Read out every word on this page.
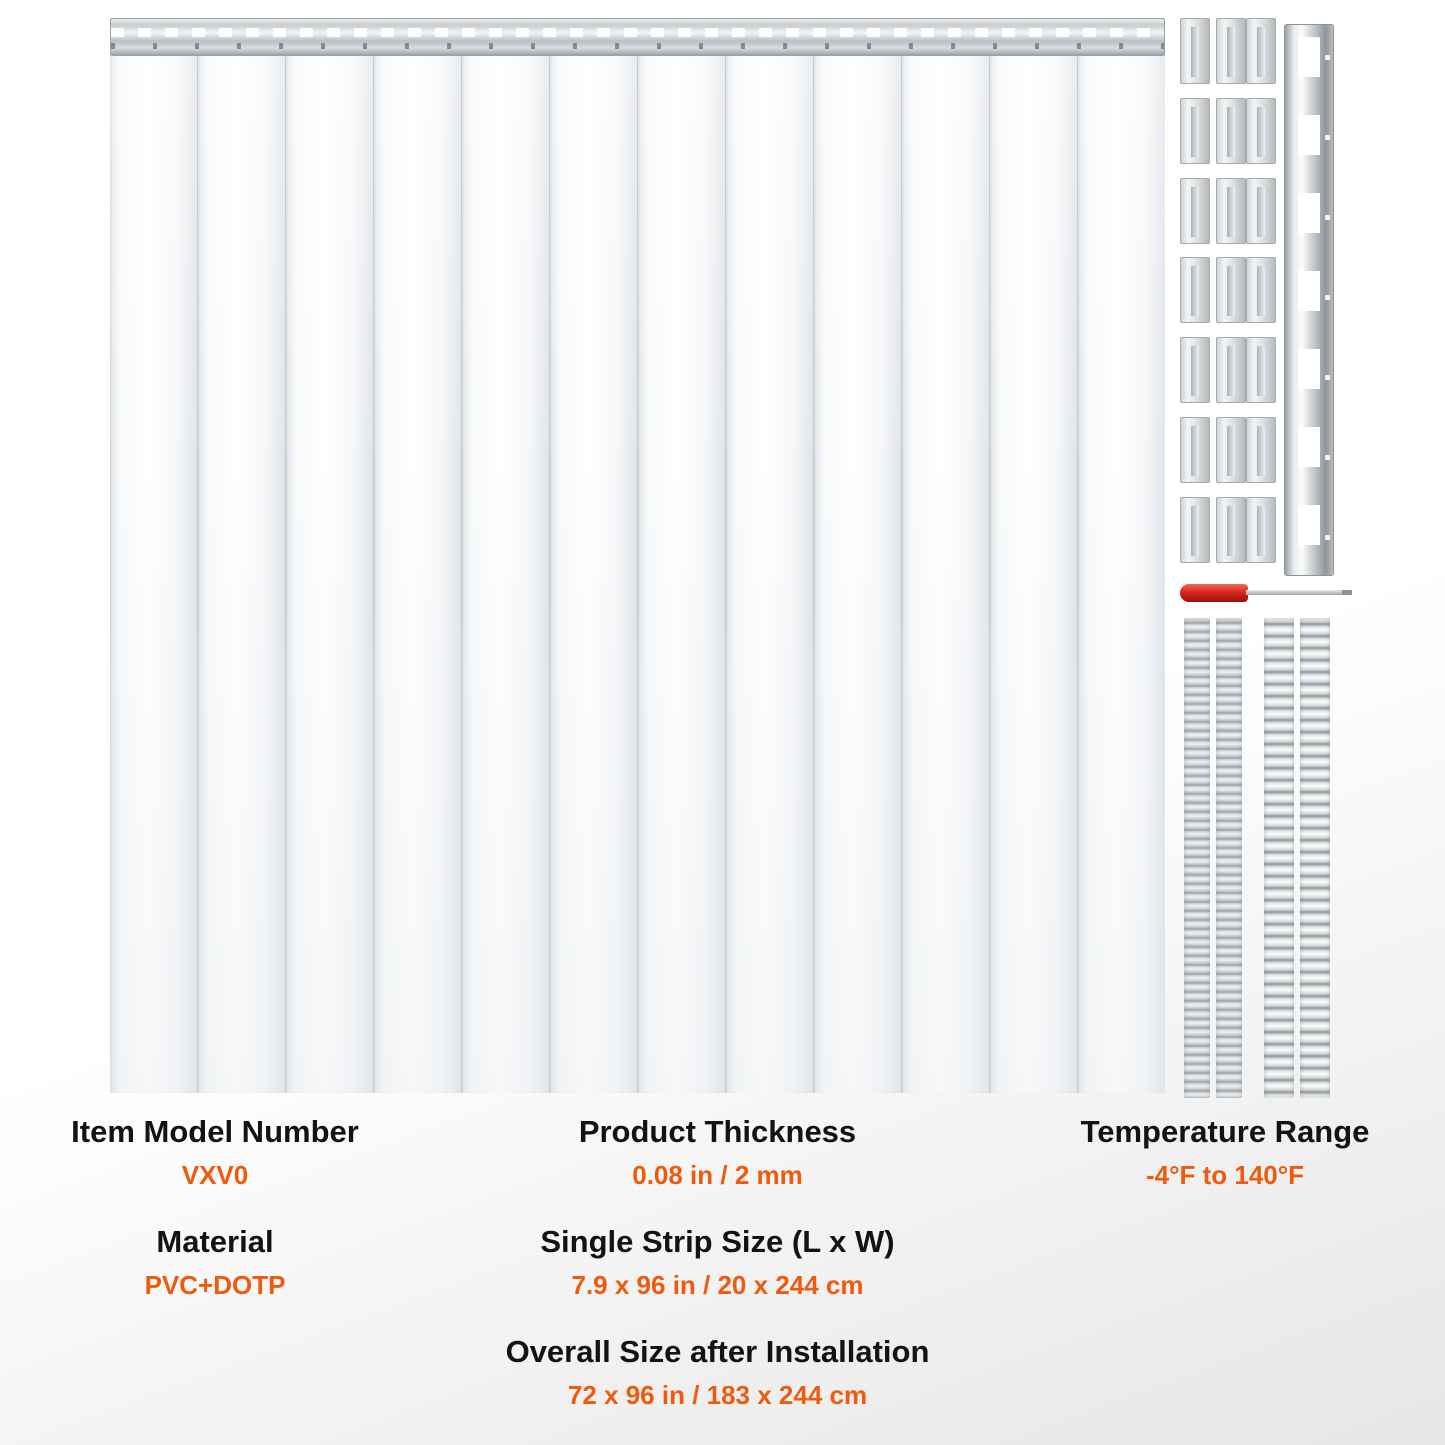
Item Model Number
VXV0
Material
PVC+DOTP
Product Thickness
0.08 in / 2 mm
Single Strip Size (L x W)
7.9 x 96 in / 20 x 244 cm
Overall Size after Installation
72 x 96 in / 183 x 244 cm
Temperature Range
-4°F to 140°F
